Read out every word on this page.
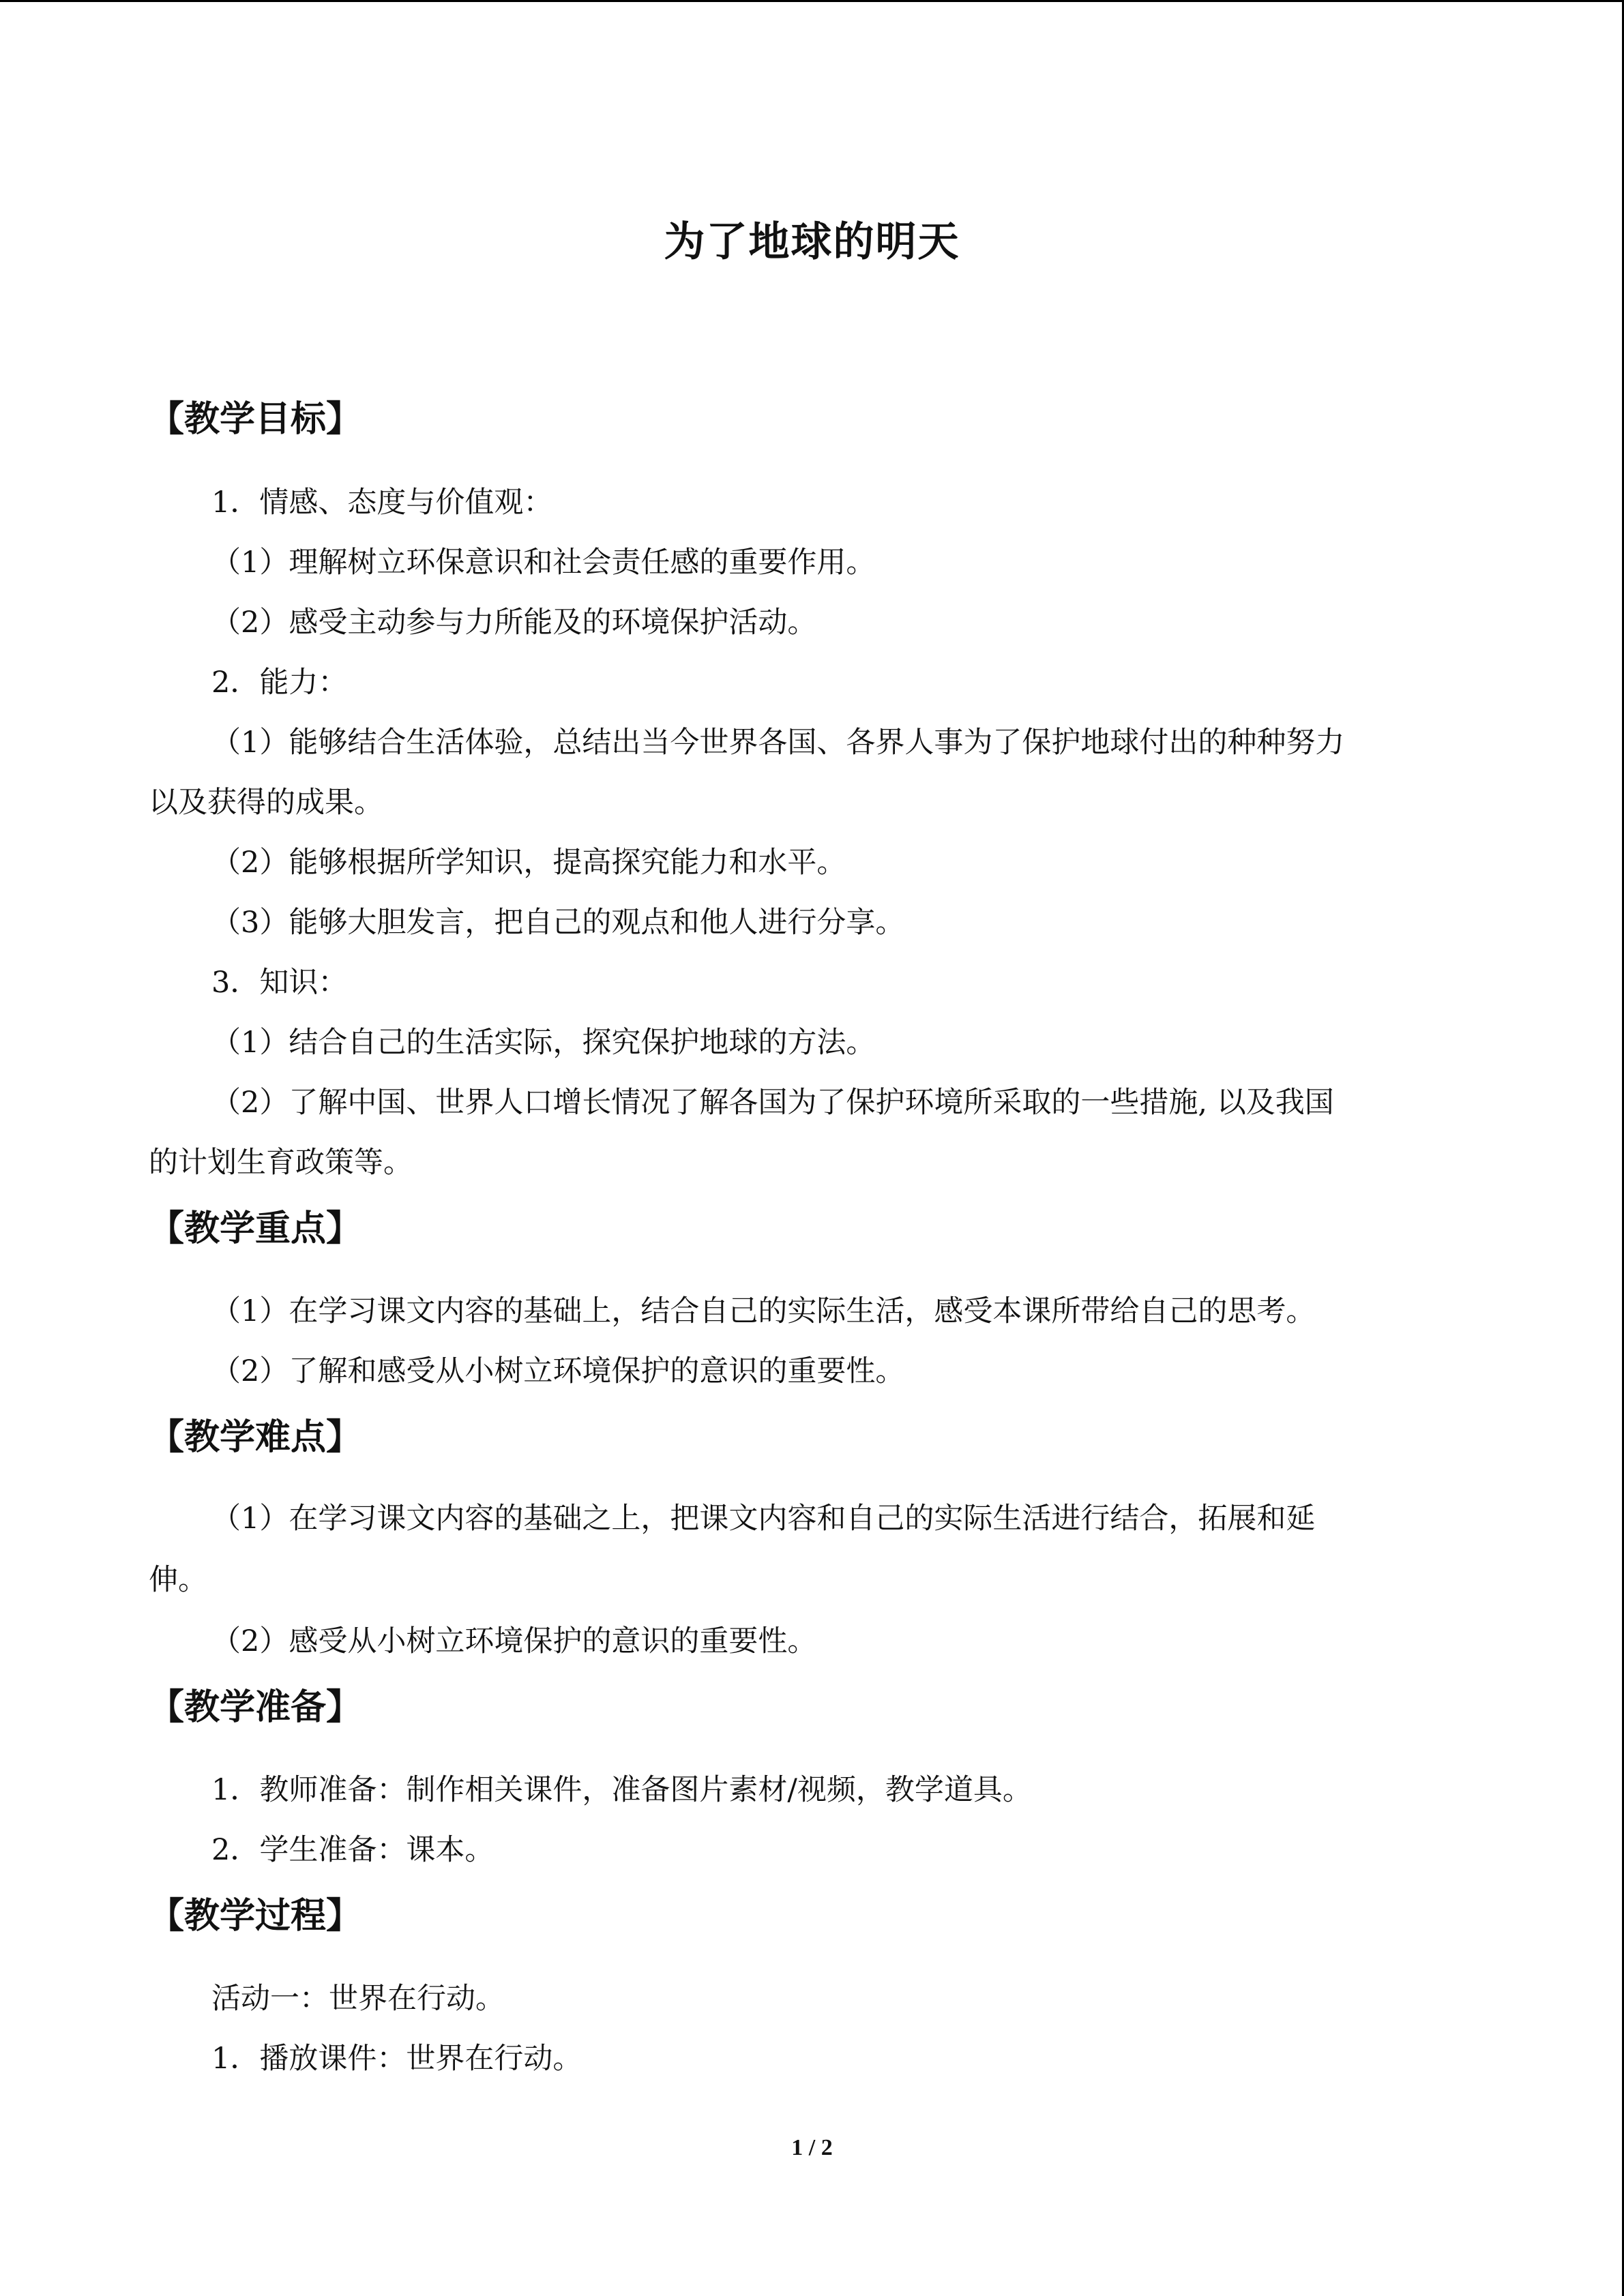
为了地球的明天
【教学目标】
1．情感、态度与价值观：
（1）理解树立环保意识和社会责任感的重要作用。
（2）感受主动参与力所能及的环境保护活动。
2．能力：
（1）能够结合生活体验，总结出当今世界各国、各界人事为了保护地球付出的种种努力
以及获得的成果。
（2）能够根据所学知识，提高探究能力和水平。
（3）能够大胆发言，把自己的观点和他人进行分享。
3．知识：
（1）结合自己的生活实际，探究保护地球的方法。
（2）了解中国、世界人口增长情况了解各国为了保护环境所采取的一些措施, 以及我国
的计划生育政策等。
【教学重点】
（1）在学习课文内容的基础上，结合自己的实际生活，感受本课所带给自己的思考。
（2）了解和感受从小树立环境保护的意识的重要性。
【教学难点】
（1）在学习课文内容的基础之上，把课文内容和自己的实际生活进行结合，拓展和延
伸。
（2）感受从小树立环境保护的意识的重要性。
【教学准备】
1．教师准备：制作相关课件，准备图片素材/视频，教学道具。
2．学生准备：课本。
【教学过程】
活动一：世界在行动。
1．播放课件：世界在行动。
1 / 2
